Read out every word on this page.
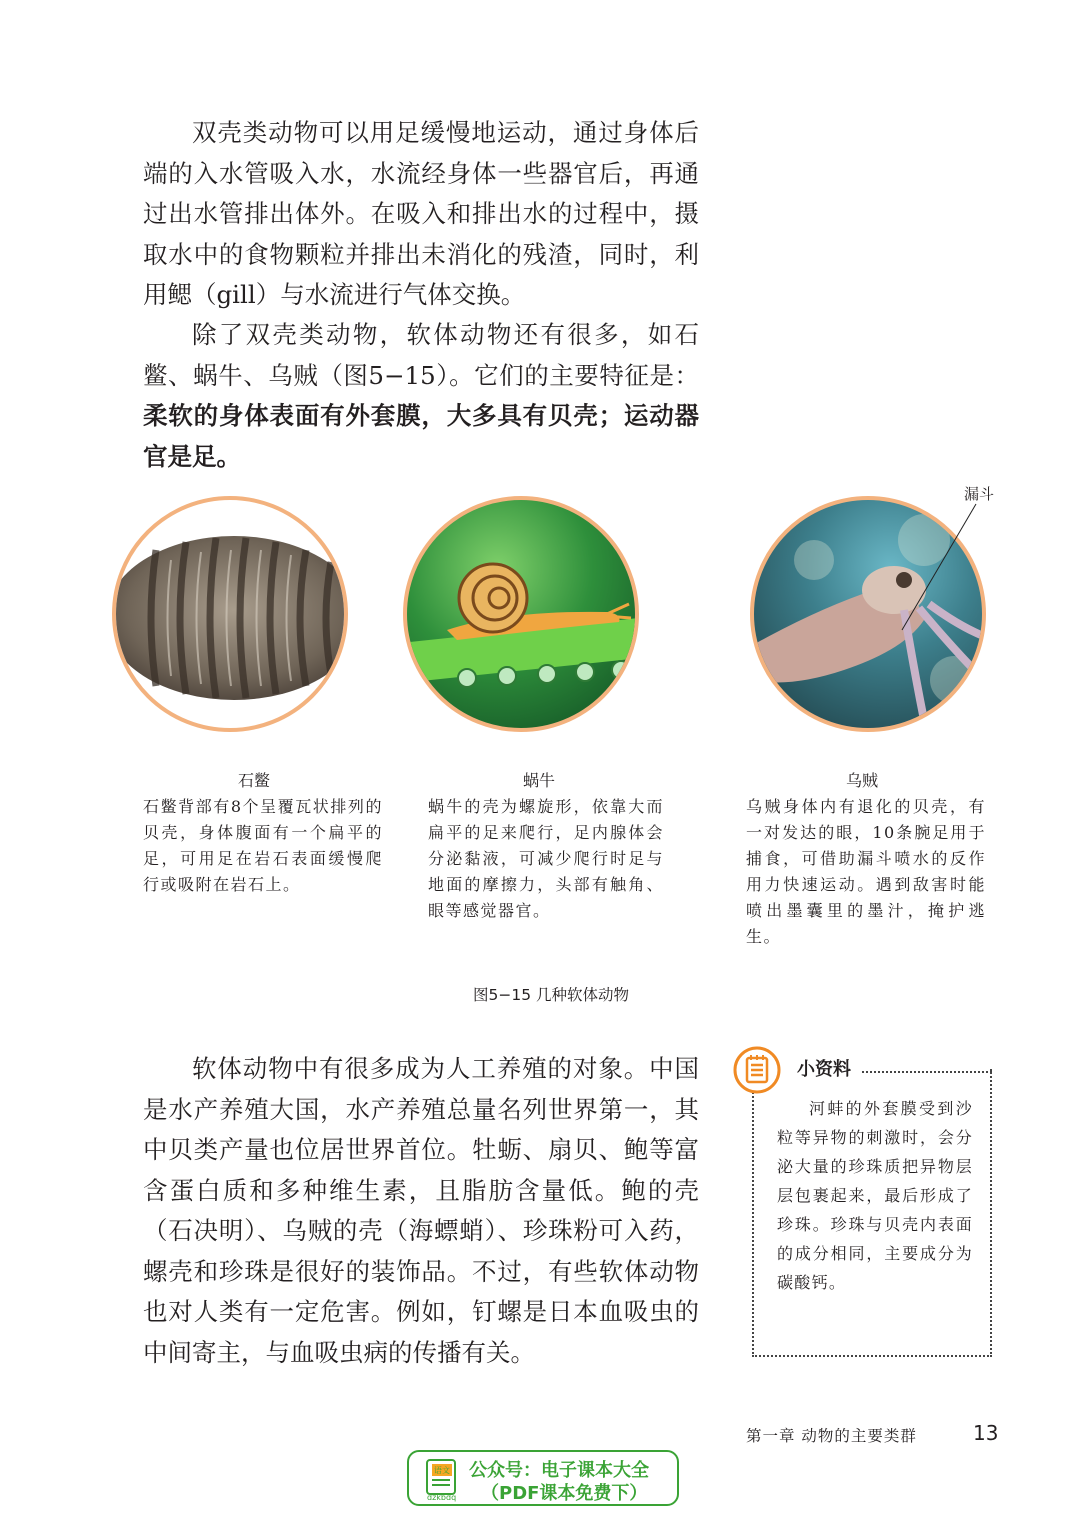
双壳类动物可以用足缓慢地运动，通过身体后端的入水管吸入水，水流经身体一些器官后，再通过出水管排出体外。在吸入和排出水的过程中，摄取水中的食物颗粒并排出未消化的残渣，同时，利用鳃（gill）与水流进行气体交换。

除了双壳类动物，软体动物还有很多，如石鳖、蜗牛、乌贼（图5−15）。它们的主要特征是：柔软的身体表面有外套膜，大多具有贝壳；运动器官是足。

漏斗
石鳖
石鳖背部有8个呈覆瓦状排列的贝壳，身体腹面有一个扁平的足，可用足在岩石表面缓慢爬行或吸附在岩石上。
蜗牛
蜗牛的壳为螺旋形，依靠大而扁平的足来爬行，足内腺体会分泌黏液，可减少爬行时足与地面的摩擦力，头部有触角、眼等感觉器官。
乌贼
乌贼身体内有退化的贝壳，有一对发达的眼，10条腕足用于捕食，可借助漏斗喷水的反作用力快速运动。遇到敌害时能喷出墨囊里的墨汁，掩护逃生。
图5−15 几种软体动物

软体动物中有很多成为人工养殖的对象。中国是水产养殖大国，水产养殖总量名列世界第一，其中贝类产量也位居世界首位。牡蛎、扇贝、鲍等富含蛋白质和多种维生素，且脂肪含量低。鲍的壳（石决明）、乌贼的壳（海螵蛸）、珍珠粉可入药，螺壳和珍珠是很好的装饰品。不过，有些软体动物也对人类有一定危害。例如，钉螺是日本血吸虫的中间寄主，与血吸虫病的传播有关。

小资料

河蚌的外套膜受到沙粒等异物的刺激时，会分泌大量的珍珠质把异物层层包裹起来，最后形成了珍珠。珍珠与贝壳内表面的成分相同，主要成分为碳酸钙。

第一章 动物的主要类群	13
语文
dzkbdq
公众号：电子课本大全
（PDF课本免费下）
